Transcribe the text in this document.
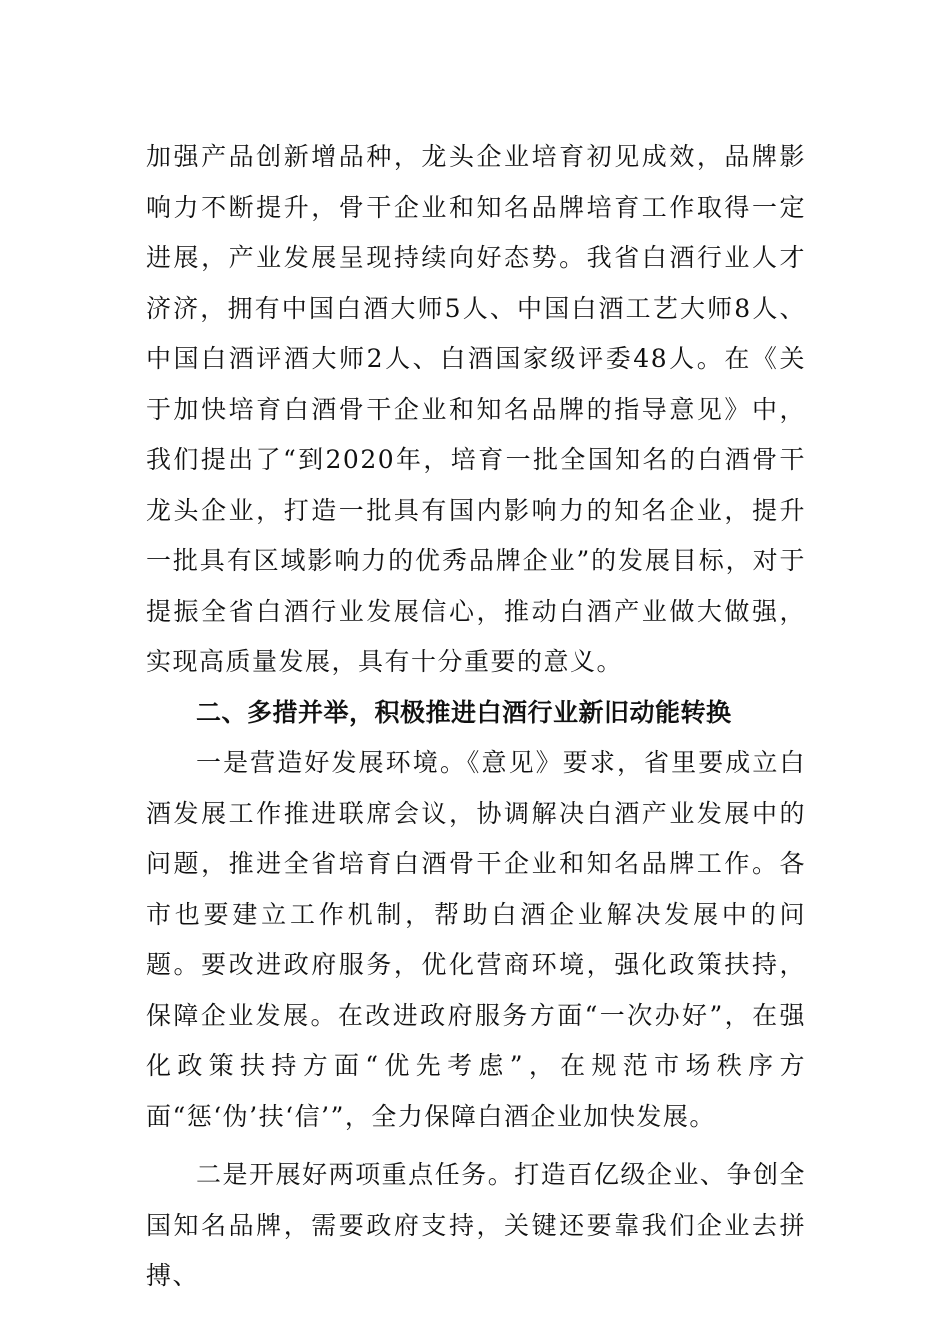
加强产品创新增品种，龙头企业培育初见成效，品牌影响力不断提升，骨干企业和知名品牌培育工作取得一定进展，产业发展呈现持续向好态势。我省白酒行业人才济济，拥有中国白酒大师5人、中国白酒工艺大师8人、中国白酒评酒大师2人、白酒国家级评委48人。在《关于加快培育白酒骨干企业和知名品牌的指导意见》中，我们提出了“到2020年，培育一批全国知名的白酒骨干龙头企业，打造一批具有国内影响力的知名企业，提升一批具有区域影响力的优秀品牌企业”的发展目标，对于提振全省白酒行业发展信心，推动白酒产业做大做强，实现高质量发展，具有十分重要的意义。

二、多措并举，积极推进白酒行业新旧动能转换

一是营造好发展环境。《意见》要求，省里要成立白酒发展工作推进联席会议，协调解决白酒产业发展中的问题，推进全省培育白酒骨干企业和知名品牌工作。各市也要建立工作机制，帮助白酒企业解决发展中的问题。要改进政府服务，优化营商环境，强化政策扶持，保障企业发展。在改进政府服务方面“一次办好”，在强化政策扶持方面“优先考虑”，在规范市场秩序方面“惩‘伪’扶‘信’”，全力保障白酒企业加快发展。

二是开展好两项重点任务。打造百亿级企业、争创全国知名品牌，需要政府支持，关键还要靠我们企业去拼搏、
